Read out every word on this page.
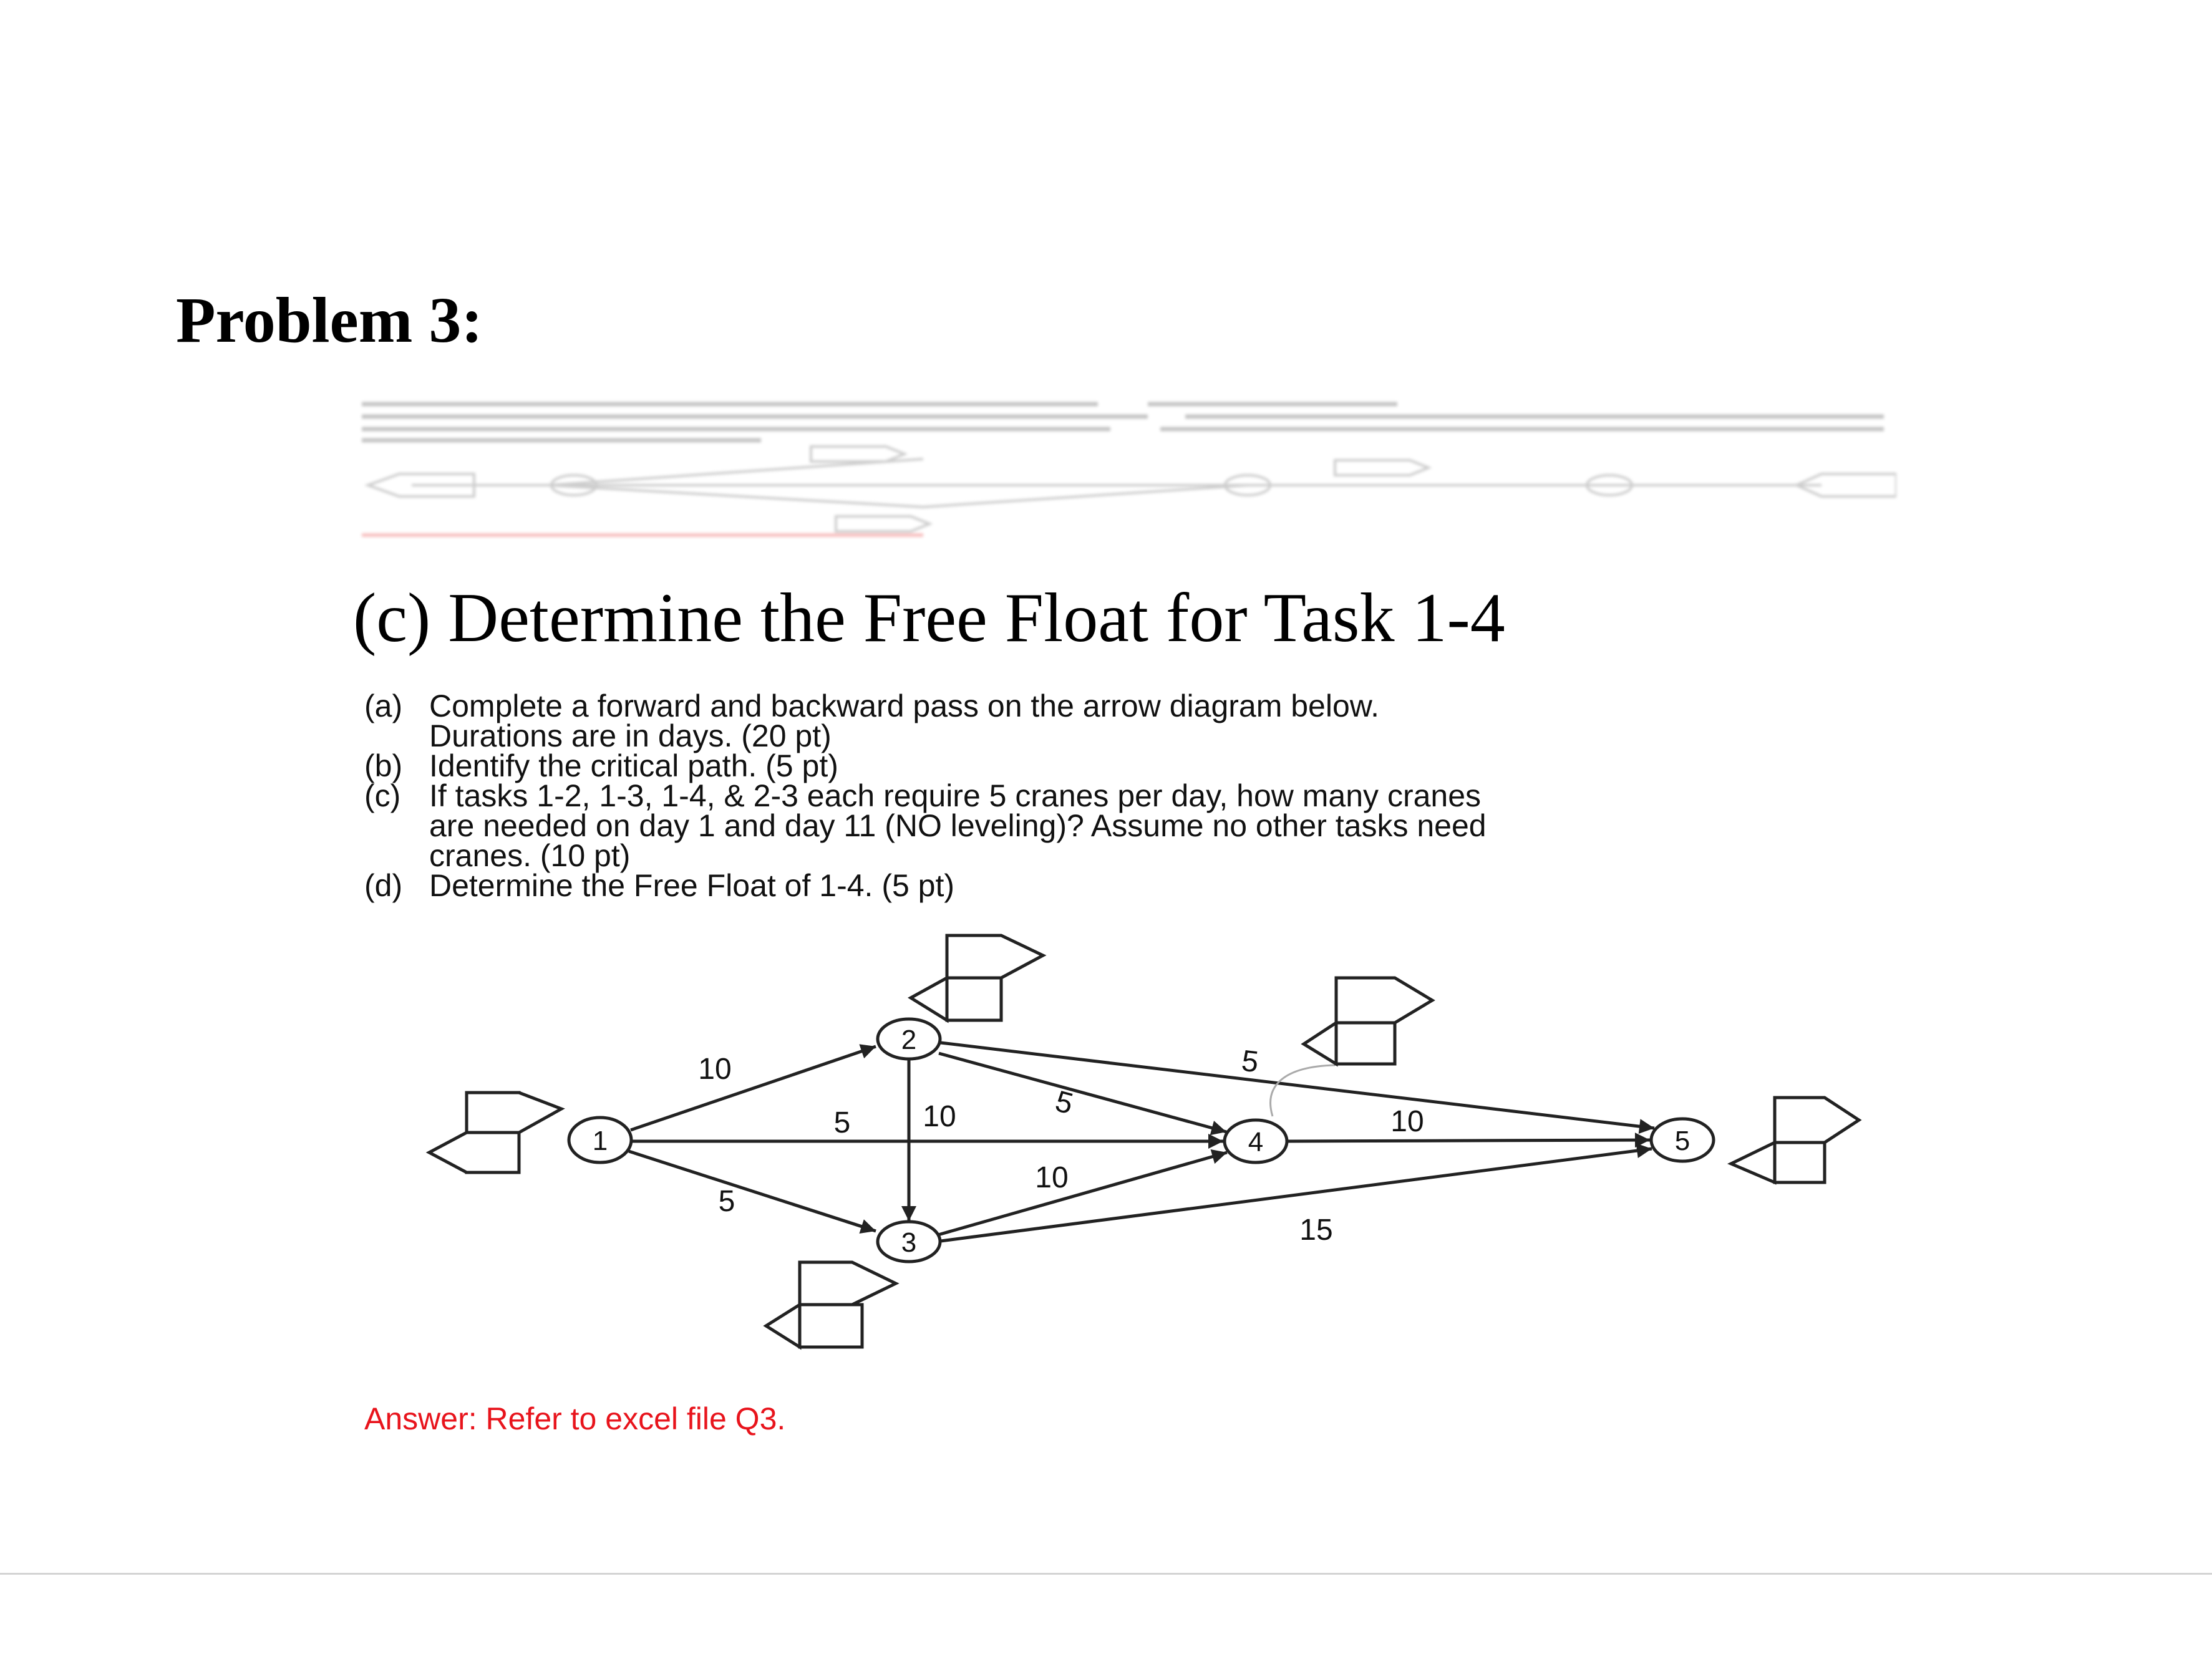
Problem 3:
(c) Determine the Free Float for Task 1-4
(a) Complete a forward and backward pass on the arrow diagram below.
Durations are in days. (20 pt)
(b) Identify the critical path. (5 pt)
(c) If tasks 1-2, 1-3, 1-4, & 2-3 each require 5 cranes per day, how many cranes
are needed on day 1 and day 11 (NO leveling)? Assume no other tasks need
cranes. (10 pt)
(d) Determine the Free Float of 1-4. (5 pt)
1
2
3
4	5
10
5
5
10	5
5
10
10
15
Answer: Refer to excel file Q3.
